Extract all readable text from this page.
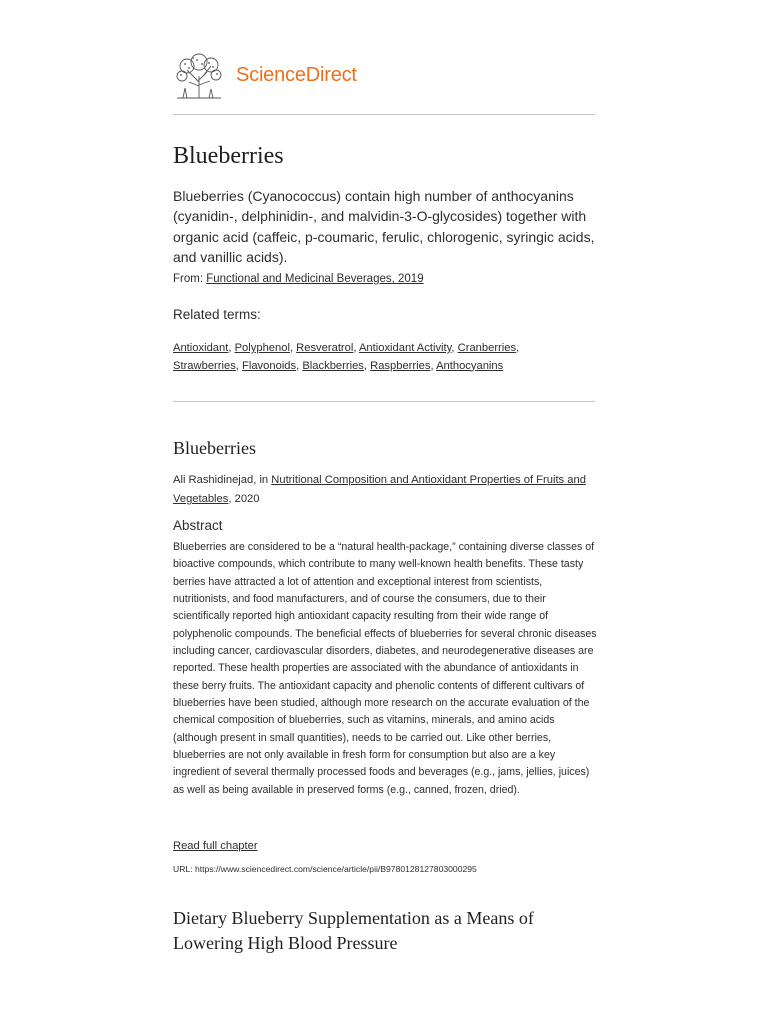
ScienceDirect
Blueberries
Blueberries (Cyanococcus) contain high number of anthocyanins (cyanidin-, delphinidin-, and malvidin-3-O-glycosides) together with organic acid (caffeic, p-coumaric, ferulic, chlorogenic, syringic acids, and vanillic acids).
From: Functional and Medicinal Beverages, 2019
Related terms:
Antioxidant, Polyphenol, Resveratrol, Antioxidant Activity, Cranberries,
Strawberries, Flavonoids, Blackberries, Raspberries, Anthocyanins
Blueberries
Ali Rashidinejad, in Nutritional Composition and Antioxidant Properties of Fruits and Vegetables, 2020
Abstract
Blueberries are considered to be a “natural health-package,” containing diverse classes of bioactive compounds, which contribute to many well-known health benefits. These tasty berries have attracted a lot of attention and exceptional interest from scientists, nutritionists, and food manufacturers, and of course the consumers, due to their scientifically reported high antioxidant capacity resulting from their wide range of polyphenolic compounds. The beneficial effects of blueberries for several chronic diseases including cancer, cardiovascular disorders, diabetes, and neurodegenerative diseases are reported. These health properties are associated with the abundance of antioxidants in these berry fruits. The antioxidant capacity and phenolic contents of different cultivars of blueberries have been studied, although more research on the accurate evaluation of the chemical composition of blueberries, such as vitamins, minerals, and amino acids (although present in small quantities), needs to be carried out. Like other berries, blueberries are not only available in fresh form for consumption but also are a key ingredient of several thermally processed foods and beverages (e.g., jams, jellies, juices) as well as being available in preserved forms (e.g., canned, frozen, dried).
Read full chapter
URL: https://www.sciencedirect.com/science/article/pii/B9780128127803000295
Dietary Blueberry Supplementation as a Means of Lowering High Blood Pressure
